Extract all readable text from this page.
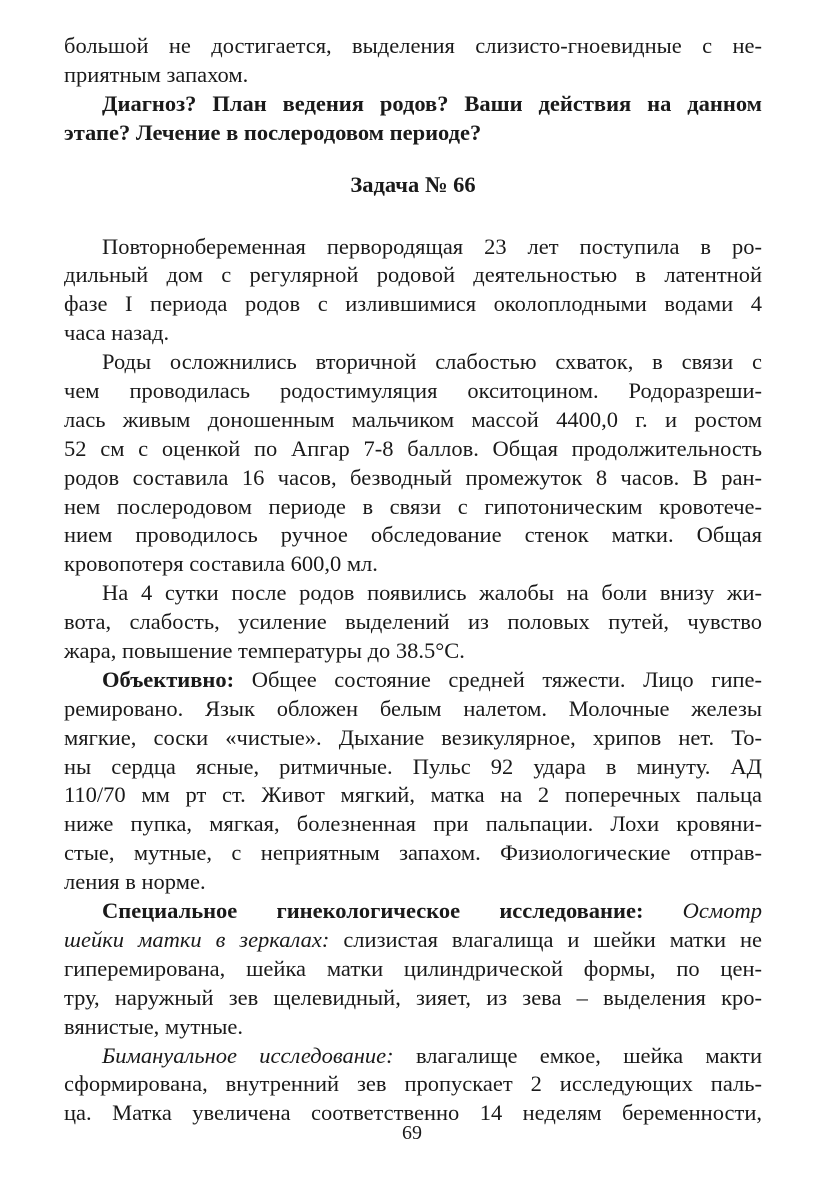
большой не достигается, выделения слизисто-гноевидные с не-
приятным запахом.
Диагноз? План ведения родов? Ваши действия на данном
этапе? Лечение в послеродовом периоде?
Задача № 66
Повторнобеременная первородящая 23 лет поступила в ро-
дильный дом с регулярной родовой деятельностью в латентной
фазе I периода родов с излившимися околоплодными водами 4
часа назад.
Роды осложнились вторичной слабостью схваток, в связи с
чем проводилась родостимуляция окситоцином. Родоразреши-
лась живым доношенным мальчиком массой 4400,0 г. и ростом
52 см с оценкой по Апгар 7-8 баллов. Общая продолжительность
родов составила 16 часов, безводный промежуток 8 часов. В ран-
нем послеродовом периоде в связи с гипотоническим кровотече-
нием проводилось ручное обследование стенок матки. Общая
кровопотеря составила 600,0 мл.
На 4 сутки после родов появились жалобы на боли внизу жи-
вота, слабость, усиление выделений из половых путей, чувство
жара, повышение температуры до 38.5°С.
Объективно: Общее состояние средней тяжести. Лицо гипе-
ремировано. Язык обложен белым налетом. Молочные железы
мягкие, соски «чистые». Дыхание везикулярное, хрипов нет. То-
ны сердца ясные, ритмичные. Пульс 92 удара в минуту. АД
110/70 мм рт ст. Живот мягкий, матка на 2 поперечных пальца
ниже пупка, мягкая, болезненная при пальпации. Лохи кровяни-
стые, мутные, с неприятным запахом. Физиологические отправ-
ления в норме.
Специальное гинекологическое исследование: Осмотр
шейки матки в зеркалах: слизистая влагалища и шейки матки не
гиперемирована, шейка матки цилиндрической формы, по цен-
тру, наружный зев щелевидный, зияет, из зева – выделения кро-
вянистые, мутные.
Бимануальное исследование: влагалище емкое, шейка макти
сформирована, внутренний зев пропускает 2 исследующих паль-
ца. Матка увеличена соответственно 14 неделям беременности,
69
